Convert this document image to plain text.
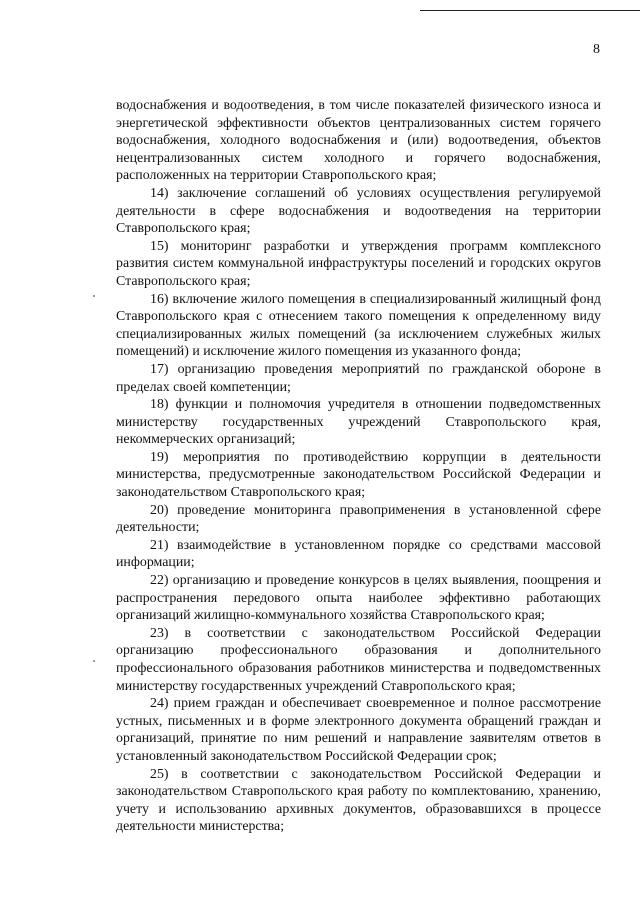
8

водоснабжения и водоотведения, в том числе показателей физического износа и энергетической эффективности объектов централизованных систем горячего водоснабжения, холодного водоснабжения и (или) водоотведения, объектов нецентрализованных систем холодного и горячего водоснабжения, расположенных на территории Ставропольского края;

14) заключение соглашений об условиях осуществления регулируемой деятельности в сфере водоснабжения и водоотведения на территории Ставропольского края;

15) мониторинг разработки и утверждения программ комплексного развития систем коммунальной инфраструктуры поселений и городских округов Ставропольского края;

16) включение жилого помещения в специализированный жилищный фонд Ставропольского края с отнесением такого помещения к определенному виду специализированных жилых помещений (за исключением служебных жилых помещений) и исключение жилого помещения из указанного фонда;

17) организацию проведения мероприятий по гражданской обороне в пределах своей компетенции;

18) функции и полномочия учредителя в отношении подведомственных министерству государственных учреждений Ставропольского края, некоммерческих организаций;

19) мероприятия по противодействию коррупции в деятельности министерства, предусмотренные законодательством Российской Федерации и законодательством Ставропольского края;

20) проведение мониторинга правоприменения в установленной сфере деятельности;

21) взаимодействие в установленном порядке со средствами массовой информации;

22) организацию и проведение конкурсов в целях выявления, поощрения и распространения передового опыта наиболее эффективно работающих организаций жилищно-коммунального хозяйства Ставропольского края;

23) в соответствии с законодательством Российской Федерации организацию профессионального образования и дополнительного профессионального образования работников министерства и подведомственных министерству государственных учреждений Ставропольского края;

24) прием граждан и обеспечивает своевременное и полное рассмотрение устных, письменных и в форме электронного документа обращений граждан и организаций, принятие по ним решений и направление заявителям ответов в установленный законодательством Российской Федерации срок;

25) в соответствии с законодательством Российской Федерации и законодательством Ставропольского края работу по комплектованию, хранению, учету и использованию архивных документов, образовавшихся в процессе деятельности министерства;
